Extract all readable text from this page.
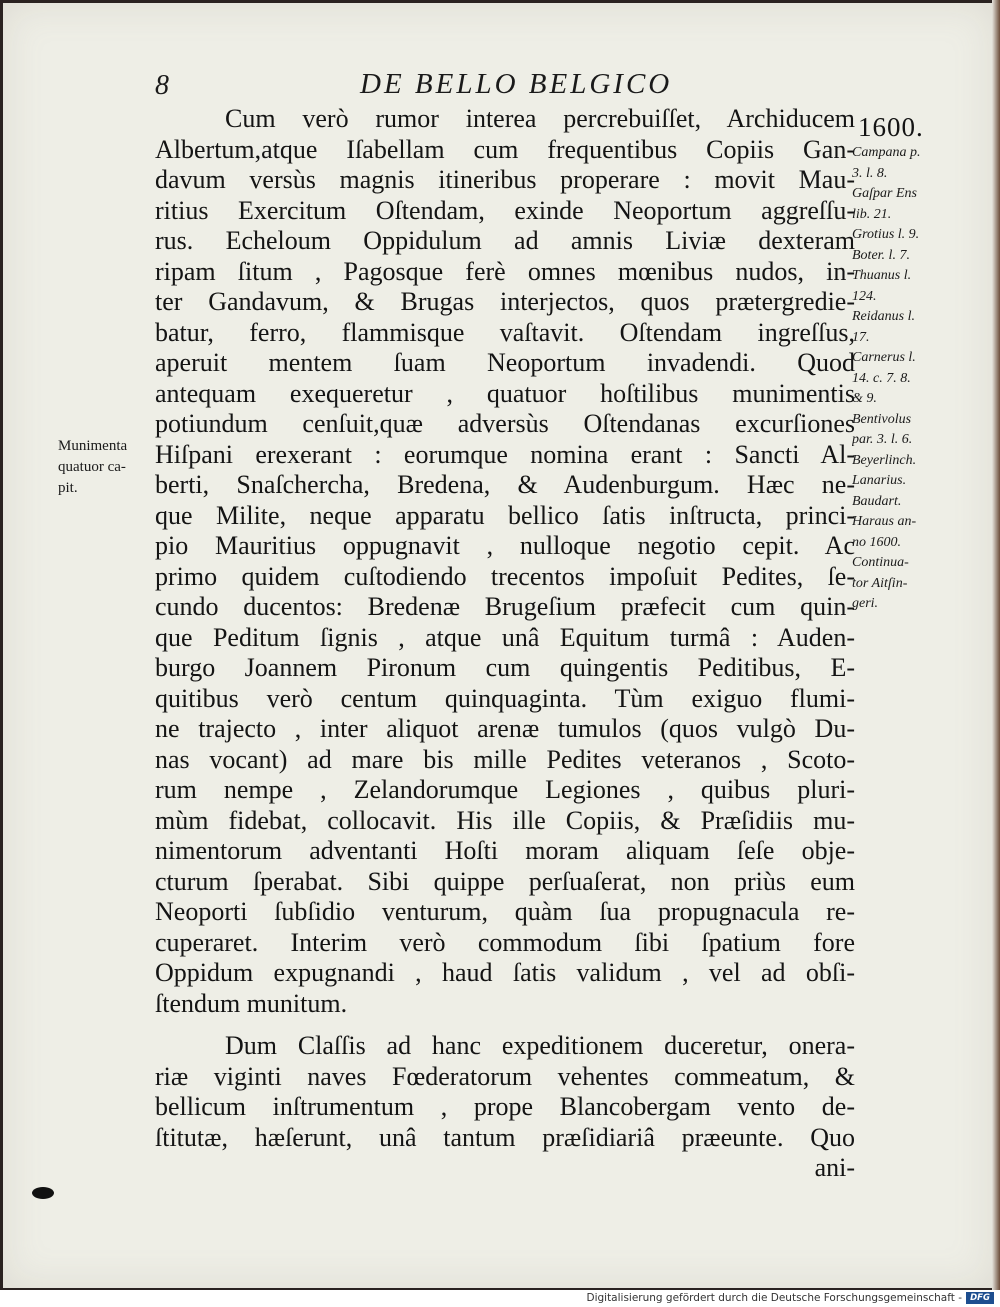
8	DE BELLO BELGICO
1600.
Cum verò rumor interea percrebuiſſet, Archiducem
Albertum,atque Iſabellam cum frequentibus Copiis Gan-
davum versùs magnis itineribus properare : movit Mau-
ritius Exercitum Oſtendam, exinde Neoportum aggreſſu-
rus. Echeloum Oppidulum ad amnis Liviæ dexteram
ripam ſitum , Pagosque ferè omnes mœnibus nudos, in-
ter Gandavum, & Brugas interjectos, quos prætergredie-
batur, ferro, flammisque vaſtavit. Oſtendam ingreſſus,
aperuit mentem ſuam Neoportum invadendi. Quod
antequam exequeretur , quatuor hoſtilibus munimentis
potiundum cenſuit,quæ adversùs Oſtendanas excurſiones
Hiſpani erexerant : eorumque nomina erant : Sancti Al-
berti, Snaſchercha, Bredena, & Audenburgum. Hæc ne-
que Milite, neque apparatu bellico ſatis inſtructa, princi-
pio Mauritius oppugnavit , nulloque negotio cepit. Ac
primo quidem cuſtodiendo trecentos impoſuit Pedites, ſe-
cundo ducentos: Bredenæ Brugeſium præfecit cum quin-
que Peditum ſignis , atque unâ Equitum turmâ : Auden-
burgo Joannem Pironum cum quingentis Peditibus, E-
quitibus verò centum quinquaginta. Tùm exiguo flumi-
ne trajecto , inter aliquot arenæ tumulos (quos vulgò Du-
nas vocant) ad mare bis mille Pedites veteranos , Scoto-
rum nempe , Zelandorumque Legiones , quibus pluri-
mùm fidebat, collocavit. His ille Copiis, & Præſidiis mu-
nimentorum adventanti Hoſti moram aliquam ſeſe obje-
cturum ſperabat. Sibi quippe perſuaſerat, non priùs eum
Neoporti ſubſidio venturum, quàm ſua propugnacula re-
cuperaret. Interim verò commodum ſibi ſpatium fore
Oppidum expugnandi , haud ſatis validum , vel ad obſi-
ſtendum munitum.
Dum Claſſis ad hanc expeditionem duceretur, onera-
riæ viginti naves Fœderatorum vehentes commeatum, &
bellicum inſtrumentum , prope Blancobergam vento de-
ſtitutæ, hæſerunt, unâ tantum præſidiariâ præeunte. Quo
ani-
Campana p.
3. l. 8.
Gaſpar Ens
lib. 21.
Grotius l. 9.
Boter. l. 7.
Thuanus l.
124.
Reidanus l.
17.
Carnerus l.
14. c. 7. 8.
& 9.
Bentivolus
par. 3. l. 6.
Beyerlinch.
Lanarius.
Baudart.
Haraus an-
no 1600.
Continua-
tor Aitſin-
geri.
Munimenta
quatuor ca-
pit.
Digitalisierung gefördert durch die Deutsche Forschungsgemeinschaft - DFG
